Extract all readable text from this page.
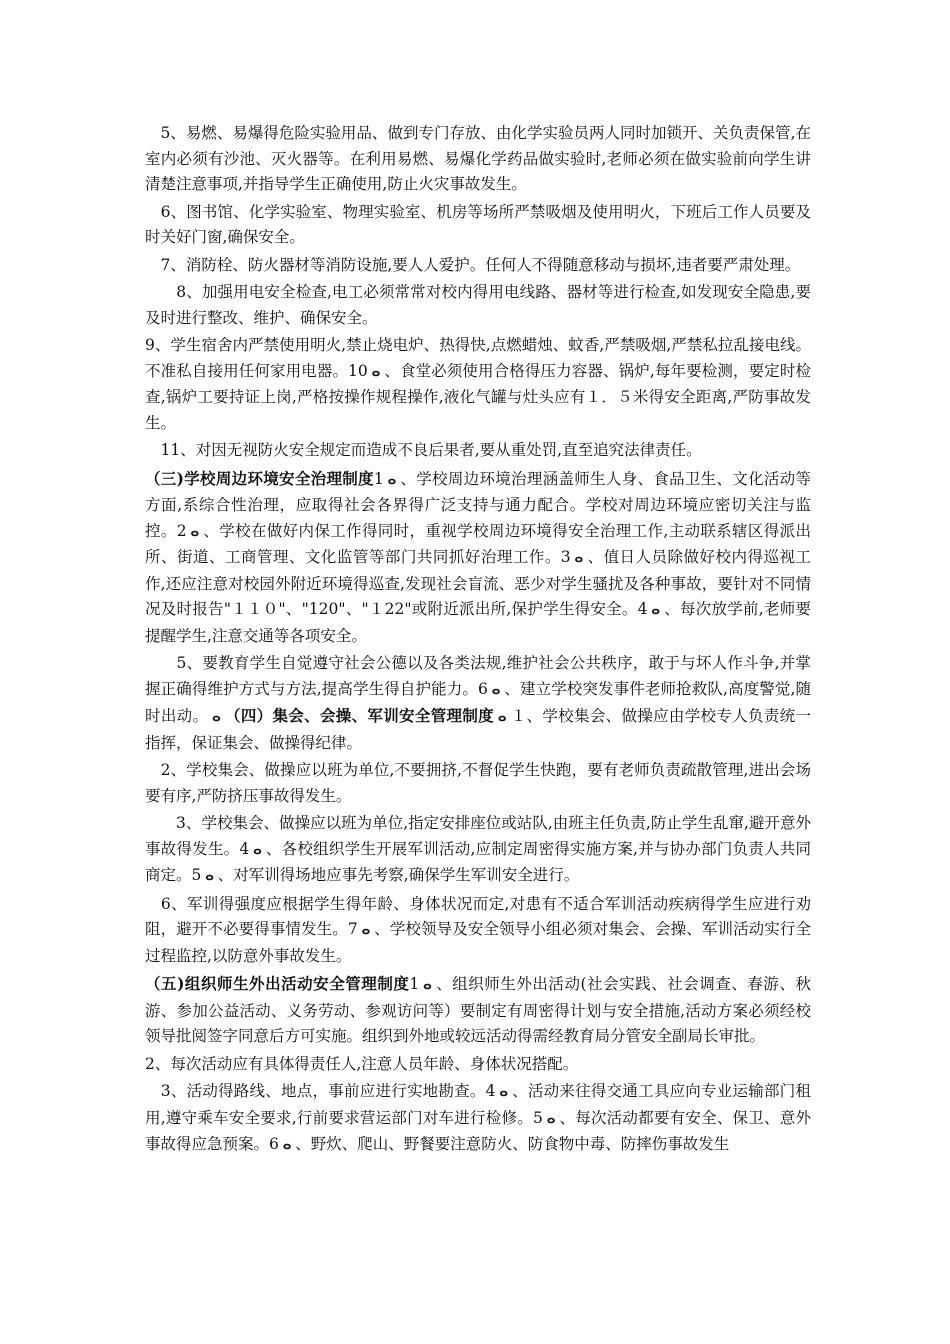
　5、易燃、易爆得危险实验用品、做到专门存放、由化学实验员两人同时加锁开、关负责保管,在室内必须有沙池、灭火器等。在利用易燃、易爆化学药品做实验时,老师必须在做实验前向学生讲清楚注意事项,并指导学生正确使用,防止火灾事故发生。

　6、图书馆、化学实验室、物理实验室、机房等场所严禁吸烟及使用明火，下班后工作人员要及时关好门窗,确保安全。

　7、消防栓、防火器材等消防设施,要人人爱护。任何人不得随意移动与损坏,违者要严肃处理。

　　8、加强用电安全检查,电工必须常常对校内得用电线路、器材等进行检查,如发现安全隐患,要及时进行整改、维护、确保安全。

9、学生宿舍内严禁使用明火,禁止烧电炉、热得快,点燃蜡烛、蚊香,严禁吸烟,严禁私拉乱接电线。不准私自接用任何家用电器。10 ⴰ 、食堂必须使用合格得压力容器、锅炉,每年要检测，要定时检查,锅炉工要持证上岗,严格按操作规程操作,液化气罐与灶头应有１．５米得安全距离,严防事故发生。

　11、对因无视防火安全规定而造成不良后果者,要从重处罚,直至追究法律责任。

（三)学校周边环境安全治理制度1 ⴰ 、学校周边环境治理涵盖师生人身、食品卫生、文化活动等方面,系综合性治理，应取得社会各界得广泛支持与通力配合。学校对周边环境应密切关注与监控。2 ⴰ 、学校在做好内保工作得同时，重视学校周边环境得安全治理工作,主动联系辖区得派出所、街道、工商管理、文化监管等部门共同抓好治理工作。3 ⴰ 、值日人员除做好校内得巡视工作,还应注意对校园外附近环境得巡查,发现社会盲流、恶少对学生骚扰及各种事故，要针对不同情况及时报告"１１０"、"120"、"１22"或附近派出所,保护学生得安全。4 ⴰ 、每次放学前,老师要提醒学生,注意交通等各项安全。

　　5、要教育学生自觉遵守社会公德以及各类法规,维护社会公共秩序，敢于与坏人作斗争,并掌握正确得维护方式与方法,提高学生得自护能力。6 ⴰ 、建立学校突发事件老师抢救队,高度警觉,随时出动。 ⴰ （四）集会、会操、军训安全管理制度 ⴰ １、学校集会、做操应由学校专人负责统一指挥，保证集会、做操得纪律。

　2、学校集会、做操应以班为单位,不要拥挤,不督促学生快跑，要有老师负责疏散管理,进出会场要有序,严防挤压事故得发生。

　　3、学校集会、做操应以班为单位,指定安排座位或站队,由班主任负责,防止学生乱窜,避开意外事故得发生。4 ⴰ 、各校组织学生开展军训活动,应制定周密得实施方案,并与协办部门负责人共同商定。5 ⴰ 、对军训得场地应事先考察,确保学生军训安全进行。

　6、军训得强度应根据学生得年龄、身体状况而定,对患有不适合军训活动疾病得学生应进行劝阻，避开不必要得事情发生。7 ⴰ 、学校领导及安全领导小组必须对集会、会操、军训活动实行全过程监控,以防意外事故发生。

（五)组织师生外出活动安全管理制度1 ⴰ 、组织师生外出活动(社会实践、社会调查、春游、秋游、参加公益活动、义务劳动、参观访问等）要制定有周密得计划与安全措施,活动方案必须经校领导批阅签字同意后方可实施。组织到外地或较远活动得需经教育局分管安全副局长审批。

2、每次活动应有具体得责任人,注意人员年龄、身体状况搭配。

　3、活动得路线、地点，事前应进行实地勘查。4 ⴰ 、活动来往得交通工具应向专业运输部门租用,遵守乘车安全要求,行前要求营运部门对车进行检修。5 ⴰ 、每次活动都要有安全、保卫、意外事故得应急预案。6 ⴰ 、野炊、爬山、野餐要注意防火、防食物中毒、防摔伤事故发生
